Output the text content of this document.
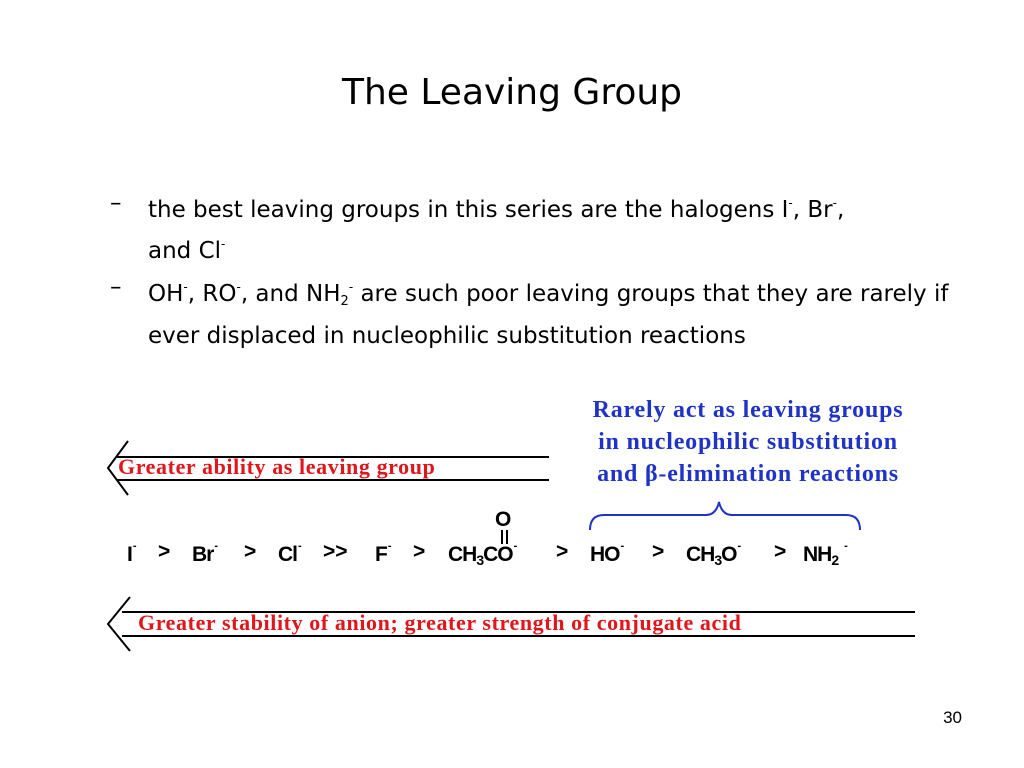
The Leaving Group
– the best leaving groups in this series are the halogens I-, Br-,
and Cl-
– OH-, RO-, and $NH_2^-$ are such poor leaving groups that they are rarely if ever displaced in nucleophilic substitution reactions
Rarely act as leaving groups
in nucleophilic substitution
and β-elimination reactions
Greater ability as leaving group
Greater stability of anion; greater strength of conjugate acid
O
$I^- > Br^- > Cl^- >> F^- > CH_3CO^- > HO^- > CH_3O^- > NH_2^-$
30
